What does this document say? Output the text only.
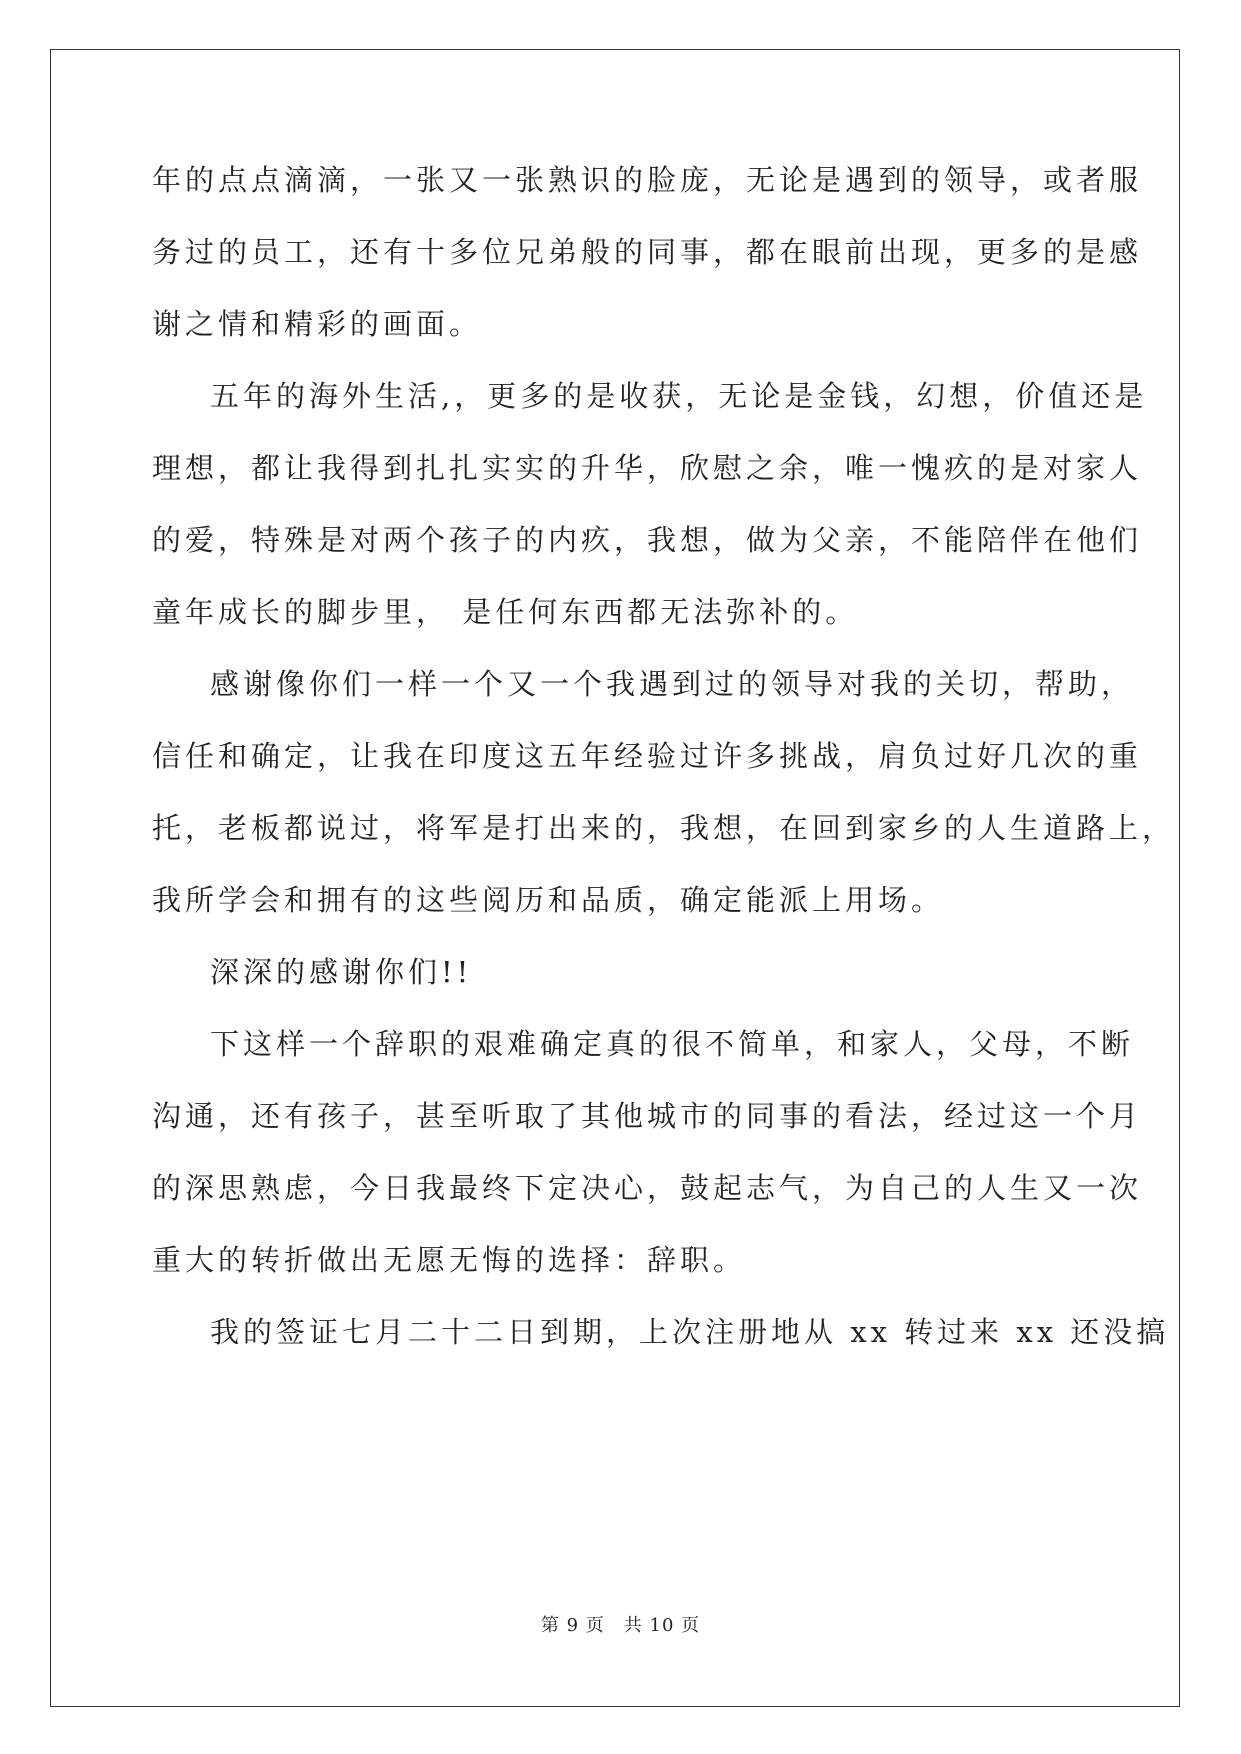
年的点点滴滴，一张又一张熟识的脸庞，无论是遇到的领导，或者服
务过的员工，还有十多位兄弟般的同事，都在眼前出现，更多的是感
谢之情和精彩的画面。
五年的海外生活,，更多的是收获，无论是金钱，幻想，价值还是
理想，都让我得到扎扎实实的升华，欣慰之余，唯一愧疚的是对家人
的爱，特殊是对两个孩子的内疚，我想，做为父亲，不能陪伴在他们
童年成长的脚步里， 是任何东西都无法弥补的。
感谢像你们一样一个又一个我遇到过的领导对我的关切，帮助，
信任和确定，让我在印度这五年经验过许多挑战，肩负过好几次的重
托，老板都说过，将军是打出来的，我想，在回到家乡的人生道路上，
我所学会和拥有的这些阅历和品质，确定能派上用场。
深深的感谢你们!!
下这样一个辞职的艰难确定真的很不简单，和家人，父母，不断
沟通，还有孩子，甚至听取了其他城市的同事的看法，经过这一个月
的深思熟虑，今日我最终下定决心，鼓起志气，为自己的人生又一次
重大的转折做出无愿无悔的选择：辞职。
我的签证七月二十二日到期，上次注册地从 xx 转过来 xx 还没搞
第 9 页　共 10 页
